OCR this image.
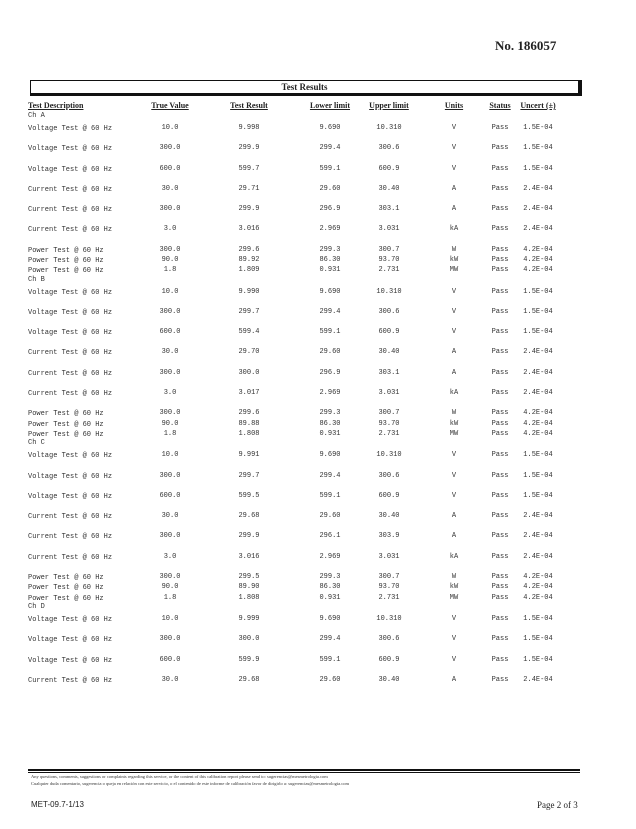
No. 186057
Test Results
Test Description	True Value	Test Result	Lower limit	Upper limit	Units	Status	Uncert (±)
Ch A
Voltage Test @ 60 Hz	10.0	9.998	9.690	10.310	V	Pass	1.5E-04
Voltage Test @ 60 Hz	300.0	299.9	299.4	300.6	V	Pass	1.5E-04
Voltage Test @ 60 Hz	600.0	599.7	599.1	600.9	V	Pass	1.5E-04
Current Test @ 60 Hz	30.0	29.71	29.60	30.40	A	Pass	2.4E-04
Current Test @ 60 Hz	300.0	299.9	296.9	303.1	A	Pass	2.4E-04
Current Test @ 60 Hz	3.0	3.016	2.969	3.031	kA	Pass	2.4E-04
Power Test @ 60 Hz	300.0	299.6	299.3	300.7	W	Pass	4.2E-04
Power Test @ 60 Hz	90.0	89.92	86.30	93.70	kW	Pass	4.2E-04
Power Test @ 60 Hz	1.8	1.809	0.931	2.731	MW	Pass	4.2E-04
Ch B
Voltage Test @ 60 Hz	10.0	9.990	9.690	10.310	V	Pass	1.5E-04
Voltage Test @ 60 Hz	300.0	299.7	299.4	300.6	V	Pass	1.5E-04
Voltage Test @ 60 Hz	600.0	599.4	599.1	600.9	V	Pass	1.5E-04
Current Test @ 60 Hz	30.0	29.70	29.60	30.40	A	Pass	2.4E-04
Current Test @ 60 Hz	300.0	300.0	296.9	303.1	A	Pass	2.4E-04
Current Test @ 60 Hz	3.0	3.017	2.969	3.031	kA	Pass	2.4E-04
Power Test @ 60 Hz	300.0	299.6	299.3	300.7	W	Pass	4.2E-04
Power Test @ 60 Hz	90.0	89.88	86.30	93.70	kW	Pass	4.2E-04
Power Test @ 60 Hz	1.8	1.808	0.931	2.731	MW	Pass	4.2E-04
Ch C
Voltage Test @ 60 Hz	10.0	9.991	9.690	10.310	V	Pass	1.5E-04
Voltage Test @ 60 Hz	300.0	299.7	299.4	300.6	V	Pass	1.5E-04
Voltage Test @ 60 Hz	600.0	599.5	599.1	600.9	V	Pass	1.5E-04
Current Test @ 60 Hz	30.0	29.68	29.60	30.40	A	Pass	2.4E-04
Current Test @ 60 Hz	300.0	299.9	296.1	303.9	A	Pass	2.4E-04
Current Test @ 60 Hz	3.0	3.016	2.969	3.031	kA	Pass	2.4E-04
Power Test @ 60 Hz	300.0	299.5	299.3	300.7	W	Pass	4.2E-04
Power Test @ 60 Hz	90.0	89.90	86.30	93.70	kW	Pass	4.2E-04
Power Test @ 60 Hz	1.8	1.808	0.931	2.731	MW	Pass	4.2E-04
Ch D
Voltage Test @ 60 Hz	10.0	9.999	9.690	10.310	V	Pass	1.5E-04
Voltage Test @ 60 Hz	300.0	300.0	299.4	300.6	V	Pass	1.5E-04
Voltage Test @ 60 Hz	600.0	599.9	599.1	600.9	V	Pass	1.5E-04
Current Test @ 60 Hz	30.0	29.68	29.60	30.40	A	Pass	2.4E-04
Any questions, comments, suggestions or complaints regarding this service, or the content of this calibration report please send to: sugerencias@mesmetrologia.com
Cualquier duda comentario, sugerencia o queja en relación con este servicio, o el contenido de este informe de calibración favor de dirigirlo a: sugerencias@mesmetrologia.com
MET-09.7-1/13	Page 2 of 3
